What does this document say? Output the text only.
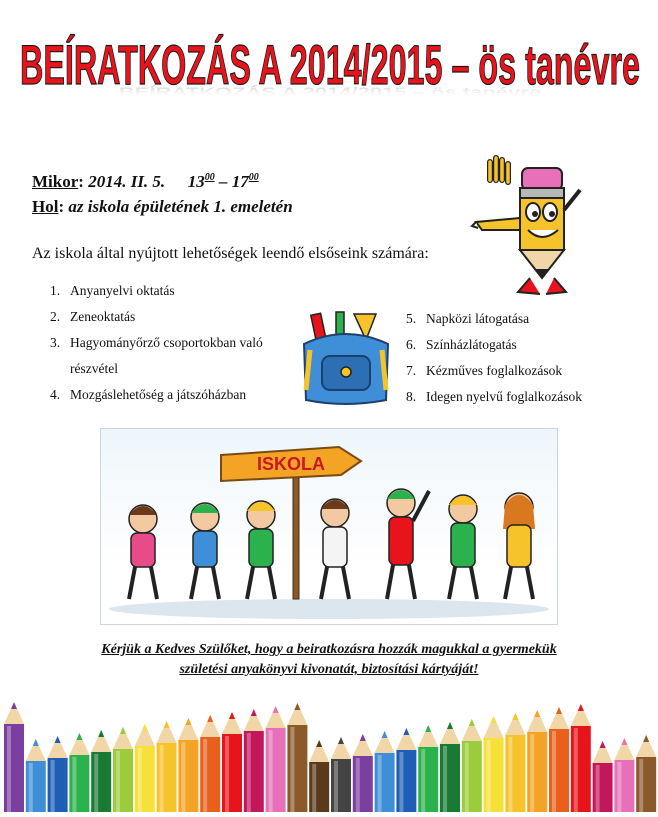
BEÍRATKOZÁS A 2014/2015 – ös tanévre
BEÍRATKOZÁS A 2014/2015 – ös tanévre
Mikor: 2014. II. 5. $13^{00} - 17^{00}$
Hol: az iskola épületének 1. emeletén
Az iskola által nyújtott lehetőségek leendő elsőseink számára:
1. Anyanyelvi oktatás
2. Zeneoktatás
3. Hagyományőrző csoportokban való
részvétel
4. Mozgáslehetőség a játszóházban
5. Napközi látogatása
6. Színházlátogatás
7. Kézműves foglalkozások
8. Idegen nyelvű foglalkozások
ISKOLA
Kérjük a Kedves Szülőket, hogy a beiratkozásra hozzák magukkal a gyermekük
születési anyakönyvi kivonatát, biztosítási kártyáját!
